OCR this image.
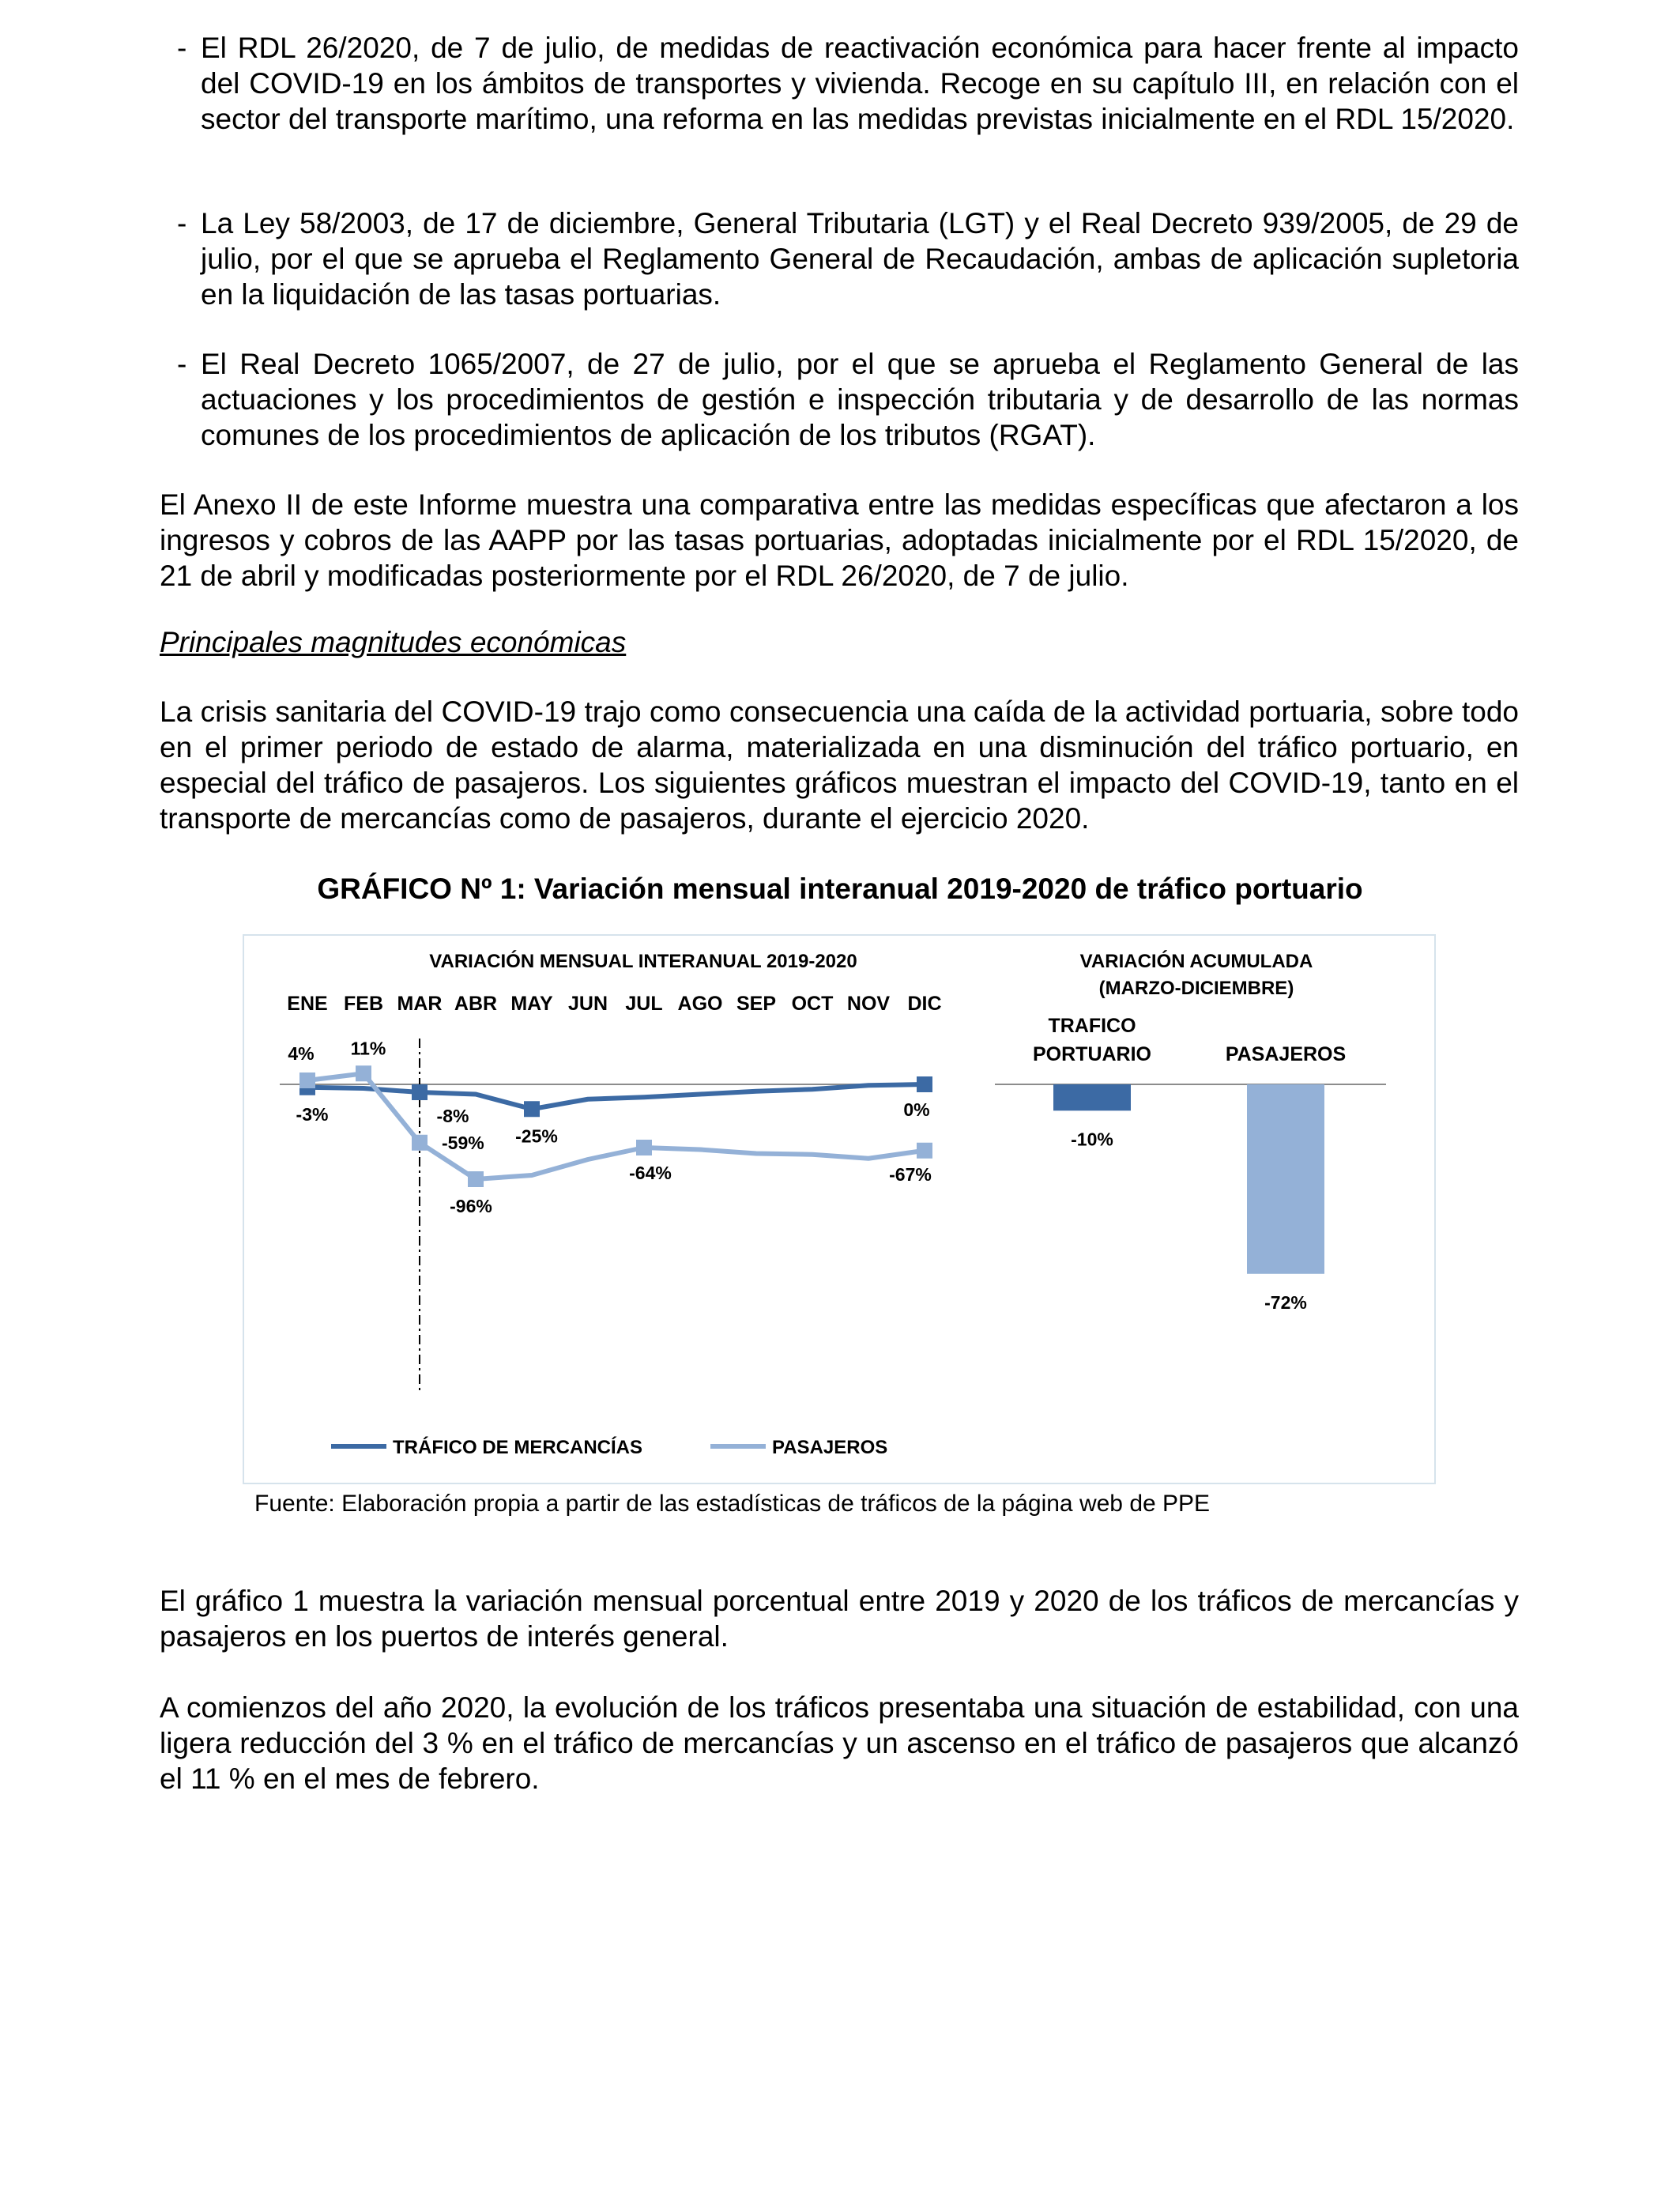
- El RDL 26/2020, de 7 de julio, de medidas de reactivación económica para hacer frente al impacto del COVID-19 en los ámbitos de transportes y vivienda. Recoge en su capítulo III, en relación con el sector del transporte marítimo, una reforma en las medidas previstas inicialmente en el RDL 15/2020.
- La Ley 58/2003, de 17 de diciembre, General Tributaria (LGT) y el Real Decreto 939/2005, de 29 de julio, por el que se aprueba el Reglamento General de Recaudación, ambas de aplicación supletoria en la liquidación de las tasas portuarias.
- El Real Decreto 1065/2007, de 27 de julio, por el que se aprueba el Reglamento General de las actuaciones y los procedimientos de gestión e inspección tributaria y de desarrollo de las normas comunes de los procedimientos de aplicación de los tributos (RGAT).

El Anexo II de este Informe muestra una comparativa entre las medidas específicas que afectaron a los ingresos y cobros de las AAPP por las tasas portuarias, adoptadas inicialmente por el RDL 15/2020, de 21 de abril y modificadas posteriormente por el RDL 26/2020, de 7 de julio.

Principales magnitudes económicas

La crisis sanitaria del COVID-19 trajo como consecuencia una caída de la actividad portuaria, sobre todo en el primer periodo de estado de alarma, materializada en una disminución del tráfico portuario, en especial del tráfico de pasajeros. Los siguientes gráficos muestran el impacto del COVID-19, tanto en el transporte de mercancías como de pasajeros, durante el ejercicio 2020.

GRÁFICO Nº 1: Variación mensual interanual 2019-2020 de tráfico portuario

VARIACIÓN MENSUAL INTERANUAL 2019-2020
ENE FEB MAR ABR MAY JUN JUL AGO SEP OCT NOV DIC
-3%	-8%
-25%
0%
4% 11%
-59%
-96%
-64%	-67%
TRÁFICO DE MERCANCÍAS	PASAJEROS
VARIACIÓN ACUMULADA
(MARZO-DICIEMBRE)
TRAFICO
PORTUARIO
-10%
PASAJEROS
-72%

Fuente: Elaboración propia a partir de las estadísticas de tráficos de la página web de PPE

El gráfico 1 muestra la variación mensual porcentual entre 2019 y 2020 de los tráficos de mercancías y pasajeros en los puertos de interés general.

A comienzos del año 2020, la evolución de los tráficos presentaba una situación de estabilidad, con una ligera reducción del 3 % en el tráfico de mercancías y un ascenso en el tráfico de pasajeros que alcanzó el 11 % en el mes de febrero.
